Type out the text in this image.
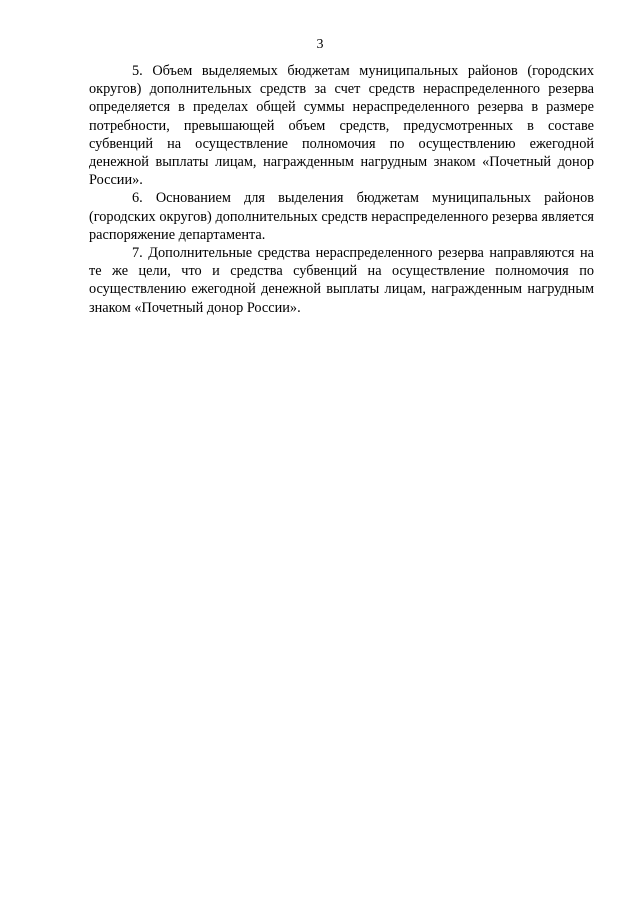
3

5. Объем выделяемых бюджетам муниципальных районов (городских округов) дополнительных средств за счет средств нераспределенного резерва определяется в пределах общей суммы нераспределенного резерва в размере потребности, превышающей объем средств, предусмотренных в составе субвенций на осуществление полномочия по осуществлению ежегодной денежной выплаты лицам, награжденным нагрудным знаком «Почетный донор России».

6. Основанием для выделения бюджетам муниципальных районов (городских округов) дополнительных средств нераспределенного резерва является распоряжение департамента.

7. Дополнительные средства нераспределенного резерва направляются на те же цели, что и средства субвенций на осуществление полномочия по осуществлению ежегодной денежной выплаты лицам, награжденным нагрудным знаком «Почетный донор России».
